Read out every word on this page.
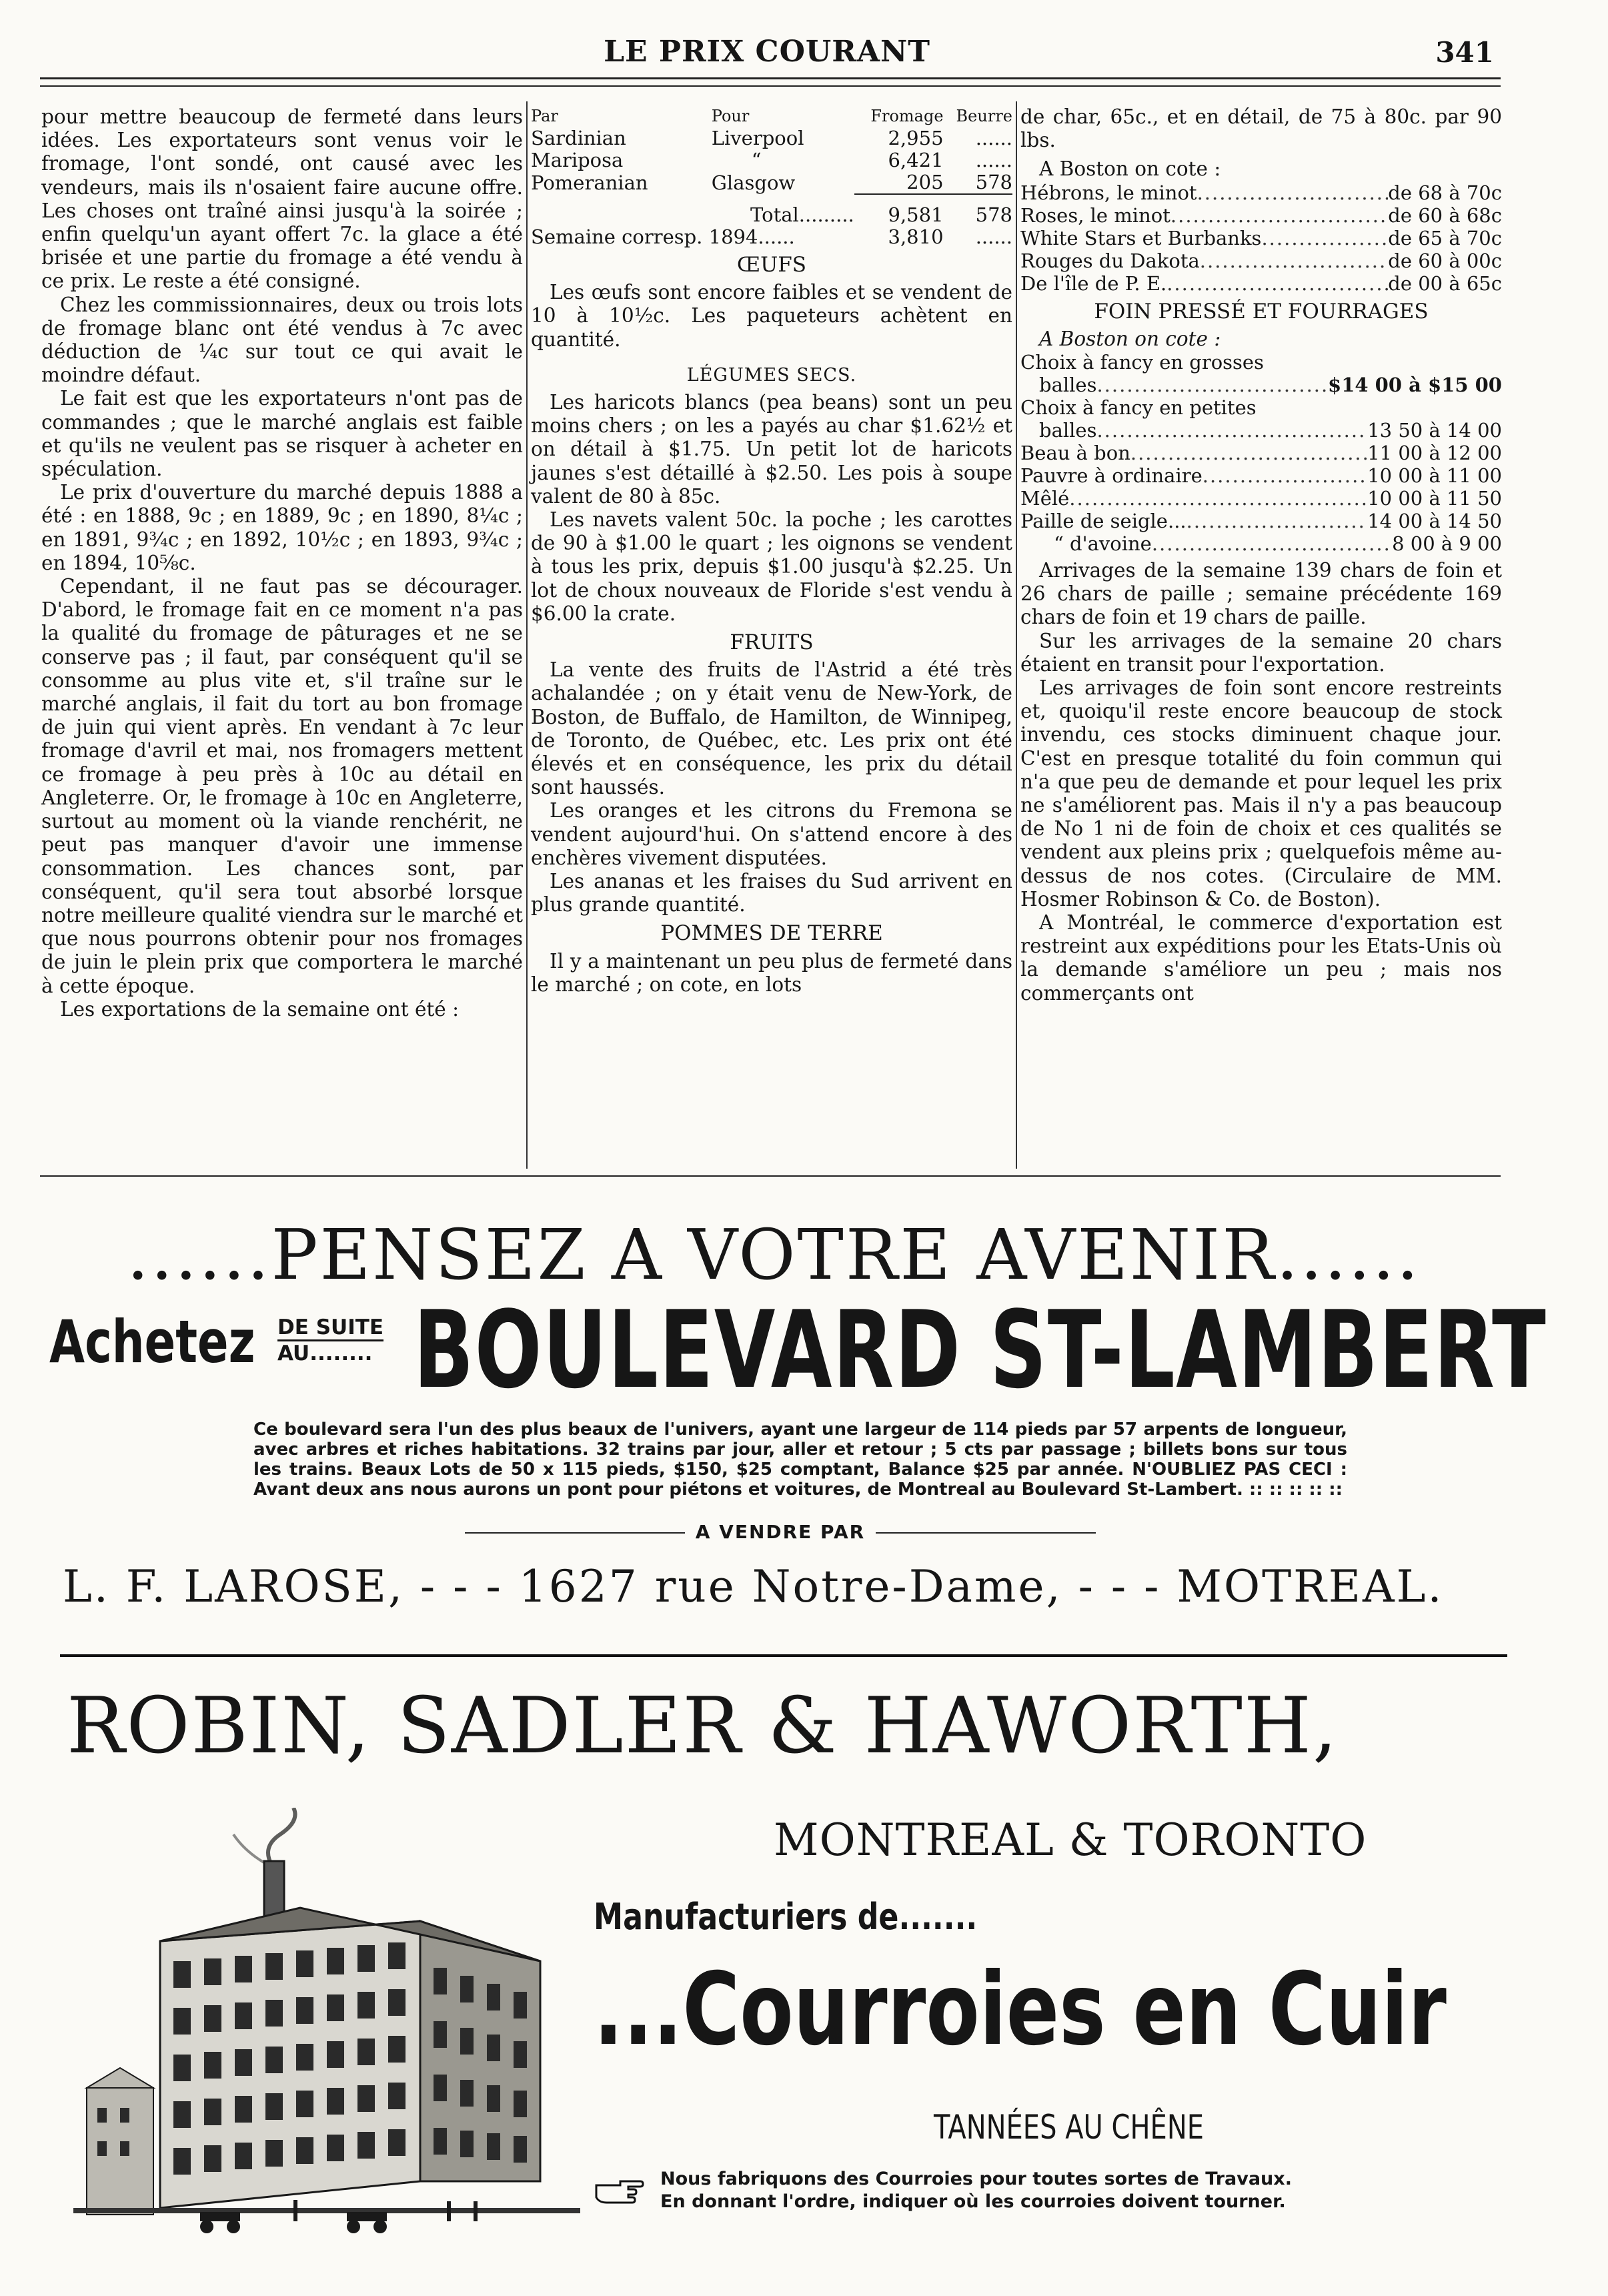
LE PRIX COURANT	341

pour mettre beaucoup de fermeté dans leurs idées. Les exportateurs sont venus voir le fromage, l'ont sondé, ont causé avec les vendeurs, mais ils n'osaient faire aucune offre. Les choses ont traîné ainsi jusqu'à la soirée ; enfin quelqu'un ayant offert 7c. la glace a été brisée et une partie du fromage a été vendu à ce prix. Le reste a été consigné.

Chez les commissionnaires, deux ou trois lots de fromage blanc ont été vendus à 7c avec déduction de ¼c sur tout ce qui avait le moindre défaut.

Le fait est que les exportateurs n'ont pas de commandes ; que le marché anglais est faible et qu'ils ne veulent pas se risquer à acheter en spéculation.

Le prix d'ouverture du marché depuis 1888 a été : en 1888, 9c ; en 1889, 9c ; en 1890, 8¼c ; en 1891, 9¾c ; en 1892, 10½c ; en 1893, 9¾c ; en 1894, 10⅝c.

Cependant, il ne faut pas se décourager. D'abord, le fromage fait en ce moment n'a pas la qualité du fromage de pâturages et ne se conserve pas ; il faut, par conséquent qu'il se consomme au plus vite et, s'il traîne sur le marché anglais, il fait du tort au bon fromage de juin qui vient après. En vendant à 7c leur fromage d'avril et mai, nos fromagers mettent ce fromage à peu près à 10c au détail en Angleterre. Or, le fromage à 10c en Angleterre, surtout au moment où la viande renchérit, ne peut pas manquer d'avoir une immense consommation. Les chances sont, par conséquent, qu'il sera tout absorbé lorsque notre meilleure qualité viendra sur le marché et que nous pourrons obtenir pour nos fromages de juin le plein prix que comportera le marché à cette époque.

Les exportations de la semaine ont été :

Par	Pour	Fromage	Beurre
Sardinian	Liverpool	2,955	......
Mariposa	“	6,421	......
Pomeranian	Glasgow	205	578
Total.........		9,581	578
Semaine corresp. 1894......		3,810	......
ŒUFS

Les œufs sont encore faibles et se vendent de 10 à 10½c. Les paqueteurs achètent en quantité.

LÉGUMES SECS.

Les haricots blancs (pea beans) sont un peu moins chers ; on les a payés au char $1.62½ et on détail à $1.75. Un petit lot de haricots jaunes s'est détaillé à $2.50. Les pois à soupe valent de 80 à 85c.

Les navets valent 50c. la poche ; les carottes de 90 à $1.00 le quart ; les oignons se vendent à tous les prix, depuis $1.00 jusqu'à $2.25. Un lot de choux nouveaux de Floride s'est vendu à $6.00 la crate.

FRUITS

La vente des fruits de l'Astrid a été très achalandée ; on y était venu de New-York, de Boston, de Buffalo, de Hamilton, de Winnipeg, de Toronto, de Québec, etc. Les prix ont été élevés et en conséquence, les prix du détail sont haussés.

Les oranges et les citrons du Fremona se vendent aujourd'hui. On s'attend encore à des enchères vivement disputées.

Les ananas et les fraises du Sud arrivent en plus grande quantité.

POMMES DE TERRE

Il y a maintenant un peu plus de fermeté dans le marché ; on cote, en lots

de char, 65c., et en détail, de 75 à 80c. par 90 lbs.

A Boston on cote :

Hébrons, le minot .....	de 68 à 70c
Roses, le minot .....	de 60 à 68c
White Stars et Burbanks .....	de 65 à 70c
Rouges du Dakota .....	de 60 à 00c
De l'île de P. E. .....	de 00 à 65c
FOIN PRESSÉ ET FOURRAGES

A Boston on cote :

Choix à fancy en grosses
balles .....	$14 00 à $15 00
Choix à fancy en petites
balles .....	13 50 à 14 00
Beau à bon .....	11 00 à 12 00
Pauvre à ordinaire .....	10 00 à 11 00
Mêlé .....	10 00 à 11 50
Paille de seigle... .....	14 00 à 14 50
“ d'avoine .....	8 00 à 9 00

Arrivages de la semaine 139 chars de foin et 26 chars de paille ; semaine précédente 169 chars de foin et 19 chars de paille.

Sur les arrivages de la semaine 20 chars étaient en transit pour l'exportation.

Les arrivages de foin sont encore restreints et, quoiqu'il reste encore beaucoup de stock invendu, ces stocks diminuent chaque jour. C'est en presque totalité du foin commun qui n'a que peu de demande et pour lequel les prix ne s'améliorent pas. Mais il n'y a pas beaucoup de No 1 ni de foin de choix et ces qualités se vendent aux pleins prix ; quelquefois même au-dessus de nos cotes. (Circulaire de MM. Hosmer Robinson & Co. de Boston).

A Montréal, le commerce d'exportation est restreint aux expéditions pour les Etats-Unis où la demande s'améliore un peu ; mais nos commerçants ont

......PENSEZ A VOTRE AVENIR......
Achetez DE SUITE

AU........ BOULEVARD ST-LAMBERT
Ce boulevard sera l'un des plus beaux de l'univers, ayant une largeur de 114 pieds par 57 arpents de longueur, avec arbres et riches habitations. 32 trains par jour, aller et retour ; 5 cts par passage ; billets bons sur tous les trains. Beaux Lots de 50 x 115 pieds, $150, $25 comptant, Balance $25 par année. N'OUBLIEZ PAS CECI : Avant deux ans nous aurons un pont pour piétons et voitures, de Montreal au Boulevard St-Lambert. :: :: :: :: ::
A VENDRE PAR
L. F. LAROSE, - - - 1627 rue Notre-Dame, - - - MOTREAL.
ROBIN, SADLER & HAWORTH,
MONTREAL & TORONTO
Manufacturiers de.......
...Courroies en Cuir
TANNÉES AU CHÊNE
Nous fabriquons des Courroies pour toutes sortes de Travaux.
En donnant l'ordre, indiquer où les courroies doivent tourner.
